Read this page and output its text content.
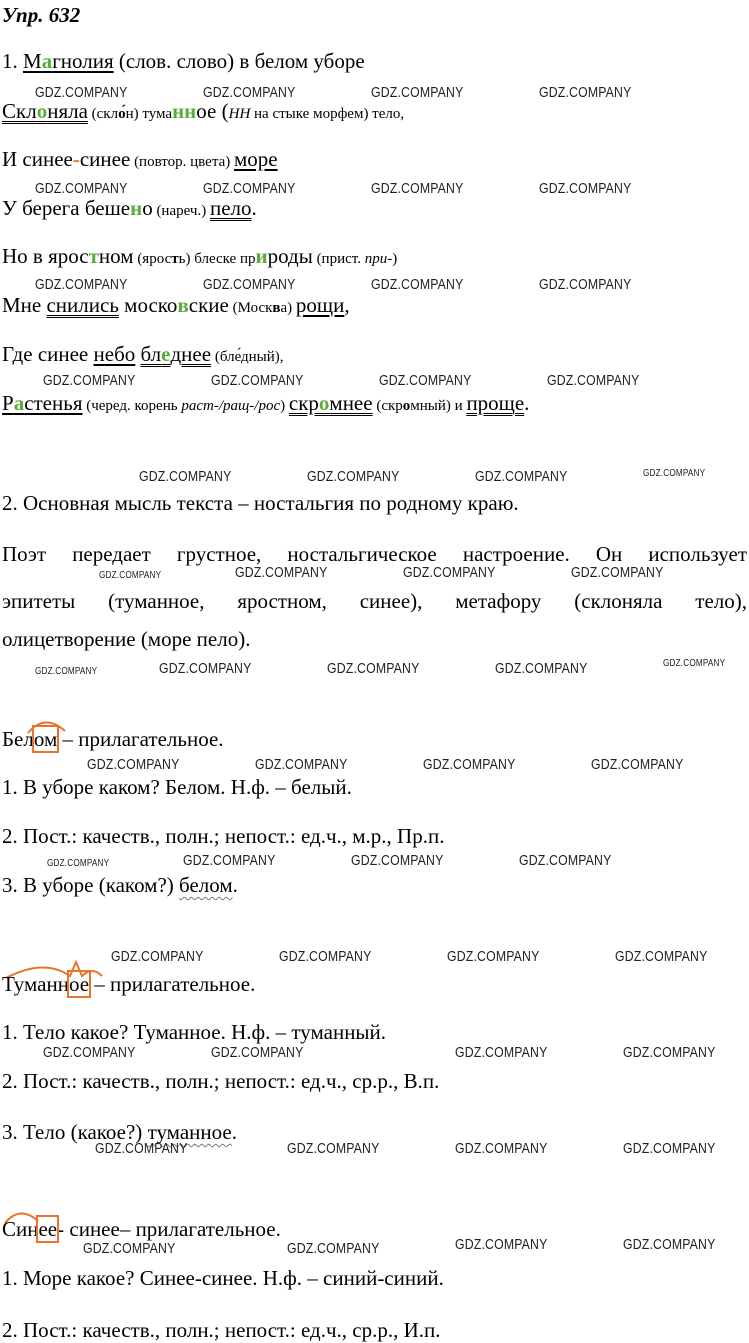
Упр. 632
1. Магнолия (слов. слово) в белом уборе
Склоняла (скло́н) туманное (НН на стыке морфем) тело,
И синее-синее (повтор. цвета) море
У берега бешено (нареч.) пело.
Но в яростном (ярость) блеске природы (прист. при-)
Мне снились московские (Москва) рощи,
Где синее небо бледнее (бле́дный),
Растенья (черед. корень раст-/ращ-/рос) скромнее (скромный) и проще.
2. Основная мысль текста – ностальгия по родному краю.
Поэт передает грустное, ностальгическое настроение. Он использует
эпитеты (туманное, яростном, синее), метафору (склоняла тело),
олицетворение (море пело).
Белом – прилагательное.
1. В уборе каком? Белом. Н.ф. – белый.
2. Пост.: качеств., полн.; непост.: ед.ч., м.р., Пр.п.
3. В уборе (каком?) белом.
Туманное – прилагательное.
1. Тело какое? Туманное. Н.ф. – туманный.
2. Пост.: качеств., полн.; непост.: ед.ч., ср.р., В.п.
3. Тело (какое?) туманное.
Синее- синее– прилагательное.
1. Море какое? Синее-синее. Н.ф. – синий-синий.
2. Пост.: качеств., полн.; непост.: ед.ч., ср.р., И.п.
GDZ.COMPANY	GDZ.COMPANY	GDZ.COMPANY	GDZ.COMPANY
GDZ.COMPANY	GDZ.COMPANY	GDZ.COMPANY	GDZ.COMPANY
GDZ.COMPANY	GDZ.COMPANY	GDZ.COMPANY	GDZ.COMPANY
GDZ.COMPANY	GDZ.COMPANY	GDZ.COMPANY	GDZ.COMPANY
GDZ.COMPANY	GDZ.COMPANY	GDZ.COMPANY	GDZ.COMPANY
GDZ.COMPANY	GDZ.COMPANY	GDZ.COMPANY	GDZ.COMPANY
GDZ.COMPANY	GDZ.COMPANY	GDZ.COMPANY	GDZ.COMPANY	GDZ.COMPANY
GDZ.COMPANY	GDZ.COMPANY	GDZ.COMPANY	GDZ.COMPANY
GDZ.COMPANY	GDZ.COMPANY	GDZ.COMPANY	GDZ.COMPANY
GDZ.COMPANY	GDZ.COMPANY	GDZ.COMPANY	GDZ.COMPANY
GDZ.COMPANY	GDZ.COMPANY	GDZ.COMPANY	GDZ.COMPANY
GDZ.COMPANY	GDZ.COMPANY	GDZ.COMPANY	GDZ.COMPANY
GDZ.COMPANY	GDZ.COMPANY	GDZ.COMPANY	GDZ.COMPANY
